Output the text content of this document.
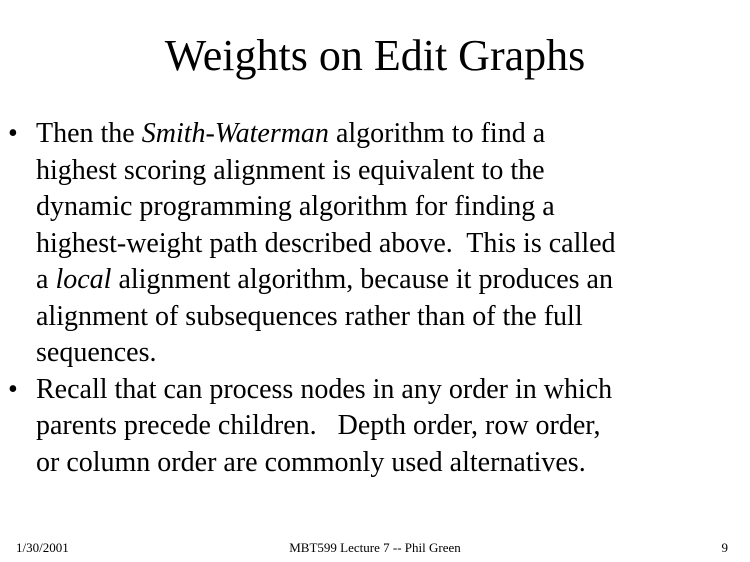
Weights on Edit Graphs
• Then the Smith-Waterman algorithm to find a
highest scoring alignment is equivalent to the
dynamic programming algorithm for finding a
highest-weight path described above.  This is called
a local alignment algorithm, because it produces an
alignment of subsequences rather than of the full
sequences.
• Recall that can process nodes in any order in which
parents precede children.   Depth order, row order,
or column order are commonly used alternatives.
1/30/2001	MBT599 Lecture 7 -- Phil Green	9
